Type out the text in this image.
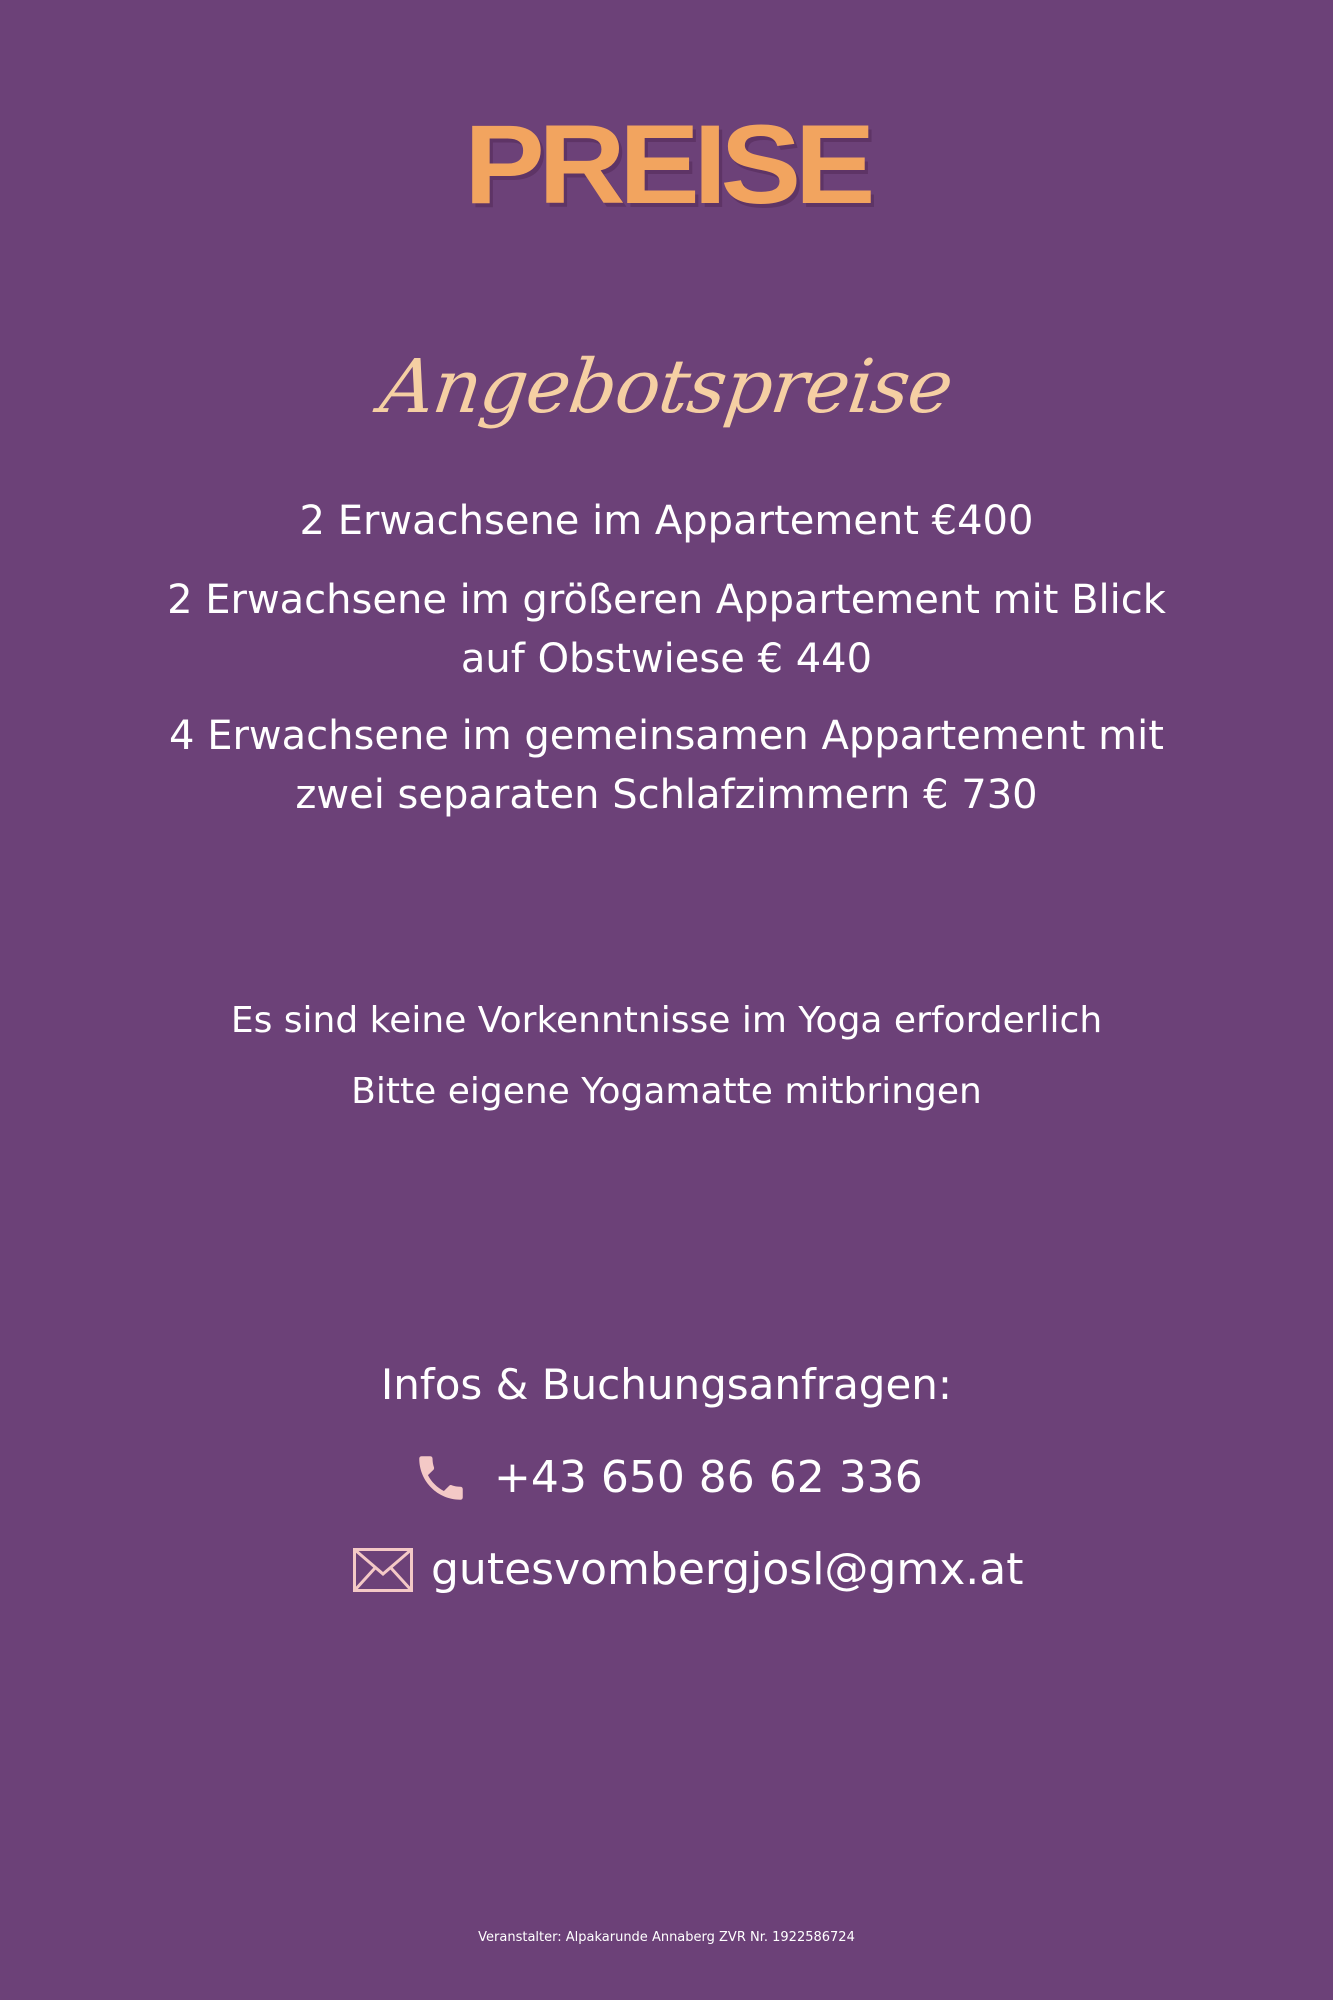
PREISE
Angebotspreise
2 Erwachsene im Appartement €400
2 Erwachsene im größeren Appartement mit Blick auf Obstwiese € 440
4 Erwachsene im gemeinsamen Appartement mit zwei separaten Schlafzimmern € 730
Es sind keine Vorkenntnisse im Yoga erforderlich
Bitte eigene Yogamatte mitbringen
Infos & Buchungsanfragen:
+43 650 86 62 336
gutesvombergjosl@gmx.at
Veranstalter: Alpakarunde Annaberg ZVR Nr. 1922586724
